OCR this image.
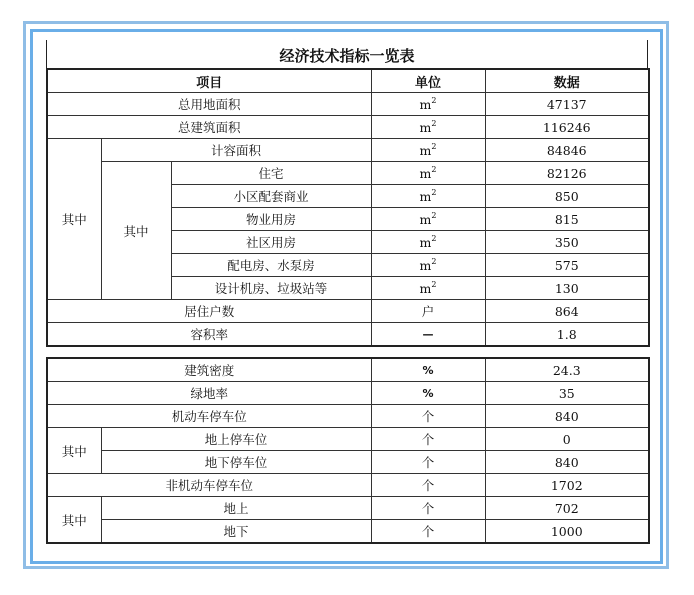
经济技术指标一览表
项目			单位	数据
总用地面积			$m^2$	47137
总建筑面积			$m^2$	116246
其中	计容面积		$m^2$	84846
	其中	住宅	$m^2$	82126
		小区配套商业	$m^2$	850
		物业用房	$m^2$	815
		社区用房	$m^2$	350
		配电房、水泵房	$m^2$	575
		设计机房、垃圾站等	$m^2$	130
居住户数			户	864
容积率			—	1.8
建筑密度		%	24.3
绿地率		%	35
机动车停车位		个	840
其中	地上停车位	个	0
	地下停车位	个	840
非机动车停车位		个	1702
其中	地上	个	702
	地下	个	1000
